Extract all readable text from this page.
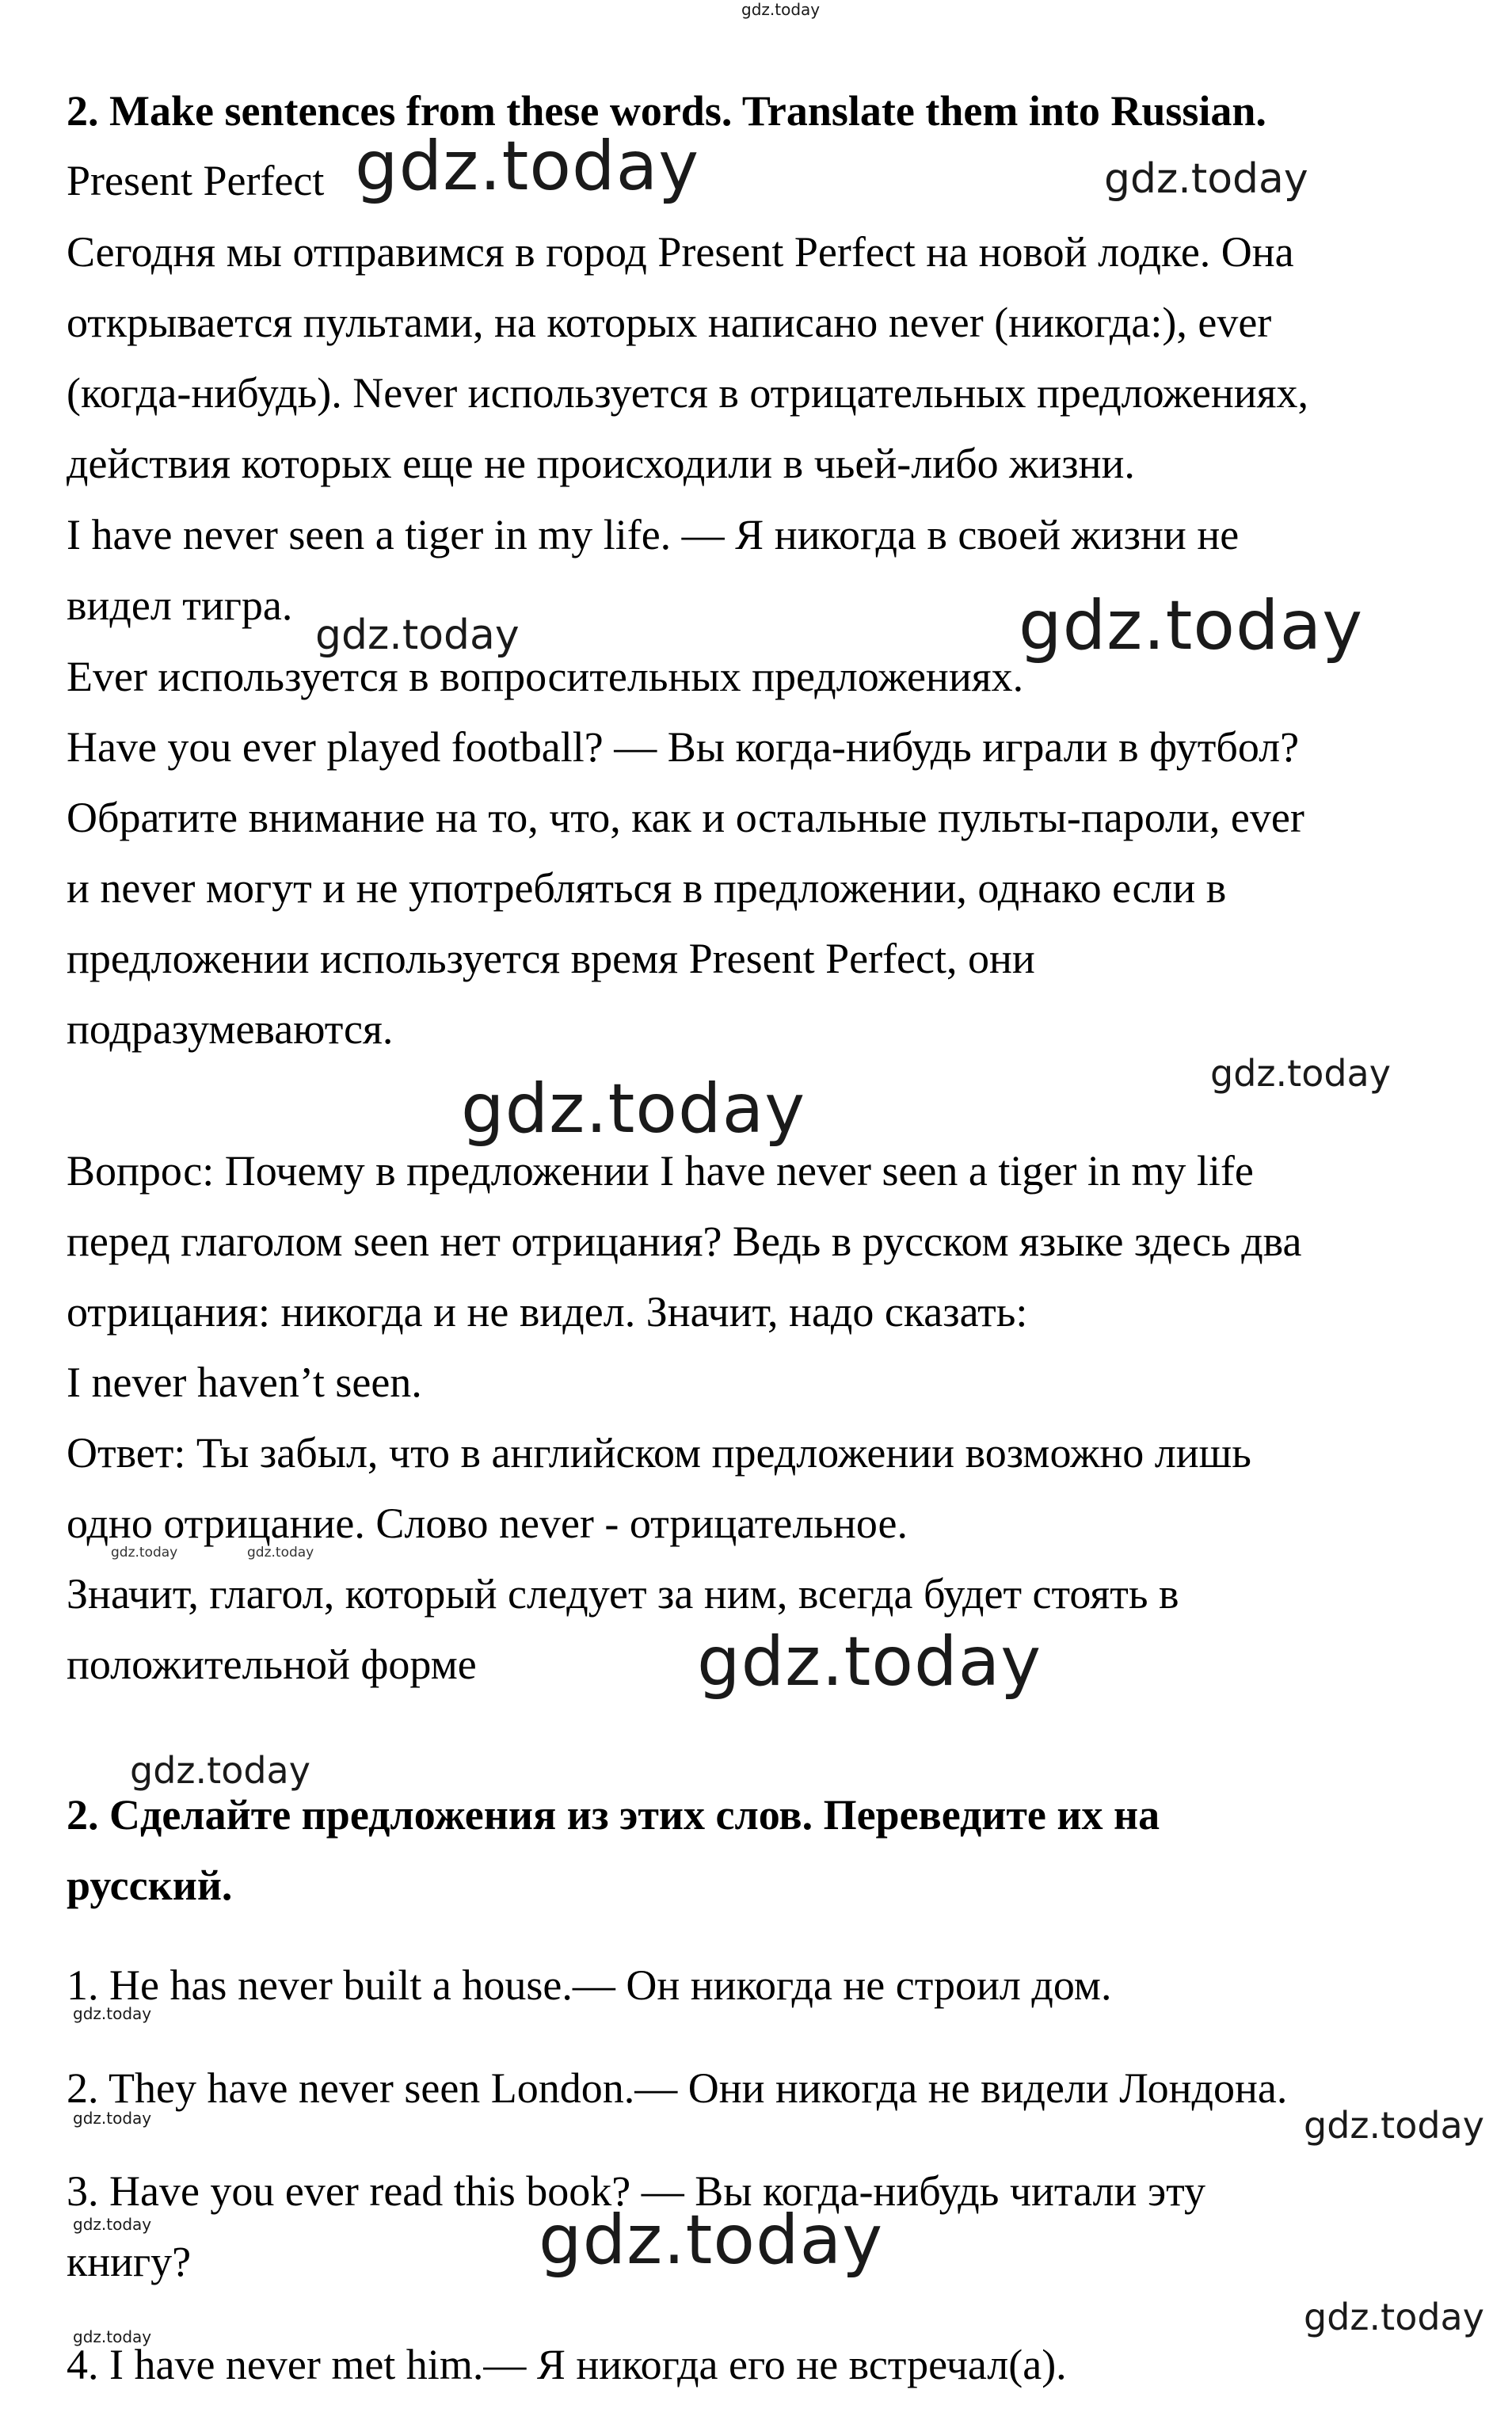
gdz.today
2. Make sentences from these words. Translate them into Russian.
Present Perfect
Сегодня мы отправимся в город Present Perfect на новой лодке. Она
открывается пультами, на которых написано never (никогда:), ever
(когда-нибудь). Never используется в отрицательных предложениях,
действия которых еще не происходили в чьей-либо жизни.
I have never seen a tiger in my life. — Я никогда в своей жизни не
видел тигра.
Ever используется в вопросительных предложениях.
Have you ever played football? — Вы когда-нибудь играли в футбол?
Обратите внимание на то, что, как и остальные пульты-пароли, ever
и never могут и не употребляться в предложении, однако если в
предложении используется время Present Perfect, они
подразумеваются.
Вопрос: Почему в предложении I have never seen a tiger in my life
перед глаголом seen нет отрицания? Ведь в русском языке здесь два
отрицания: никогда и не видел. Значит, надо сказать:
I never haven’t seen.
Ответ: Ты забыл, что в английском предложении возможно лишь
одно отрицание. Слово never - отрицательное.
Значит, глагол, который следует за ним, всегда будет стоять в
положительной форме
2. Сделайте предложения из этих слов. Переведите их на
русский.
1. He has never built a house.— Он никогда не строил дом.
2. They have never seen London.— Они никогда не видели Лондона.
3. Have you ever read this book? — Вы когда-нибудь читали эту
книгу?
4. I have never met him.— Я никогда его не встречал(а).
gdz.today	gdz.today
gdz.today	gdz.today
gdz.today
gdz.today
gdz.today	gdz.today
gdz.today
gdz.today
gdz.today
gdz.today	gdz.today
gdz.today	gdz.today
gdz.today	gdz.today
